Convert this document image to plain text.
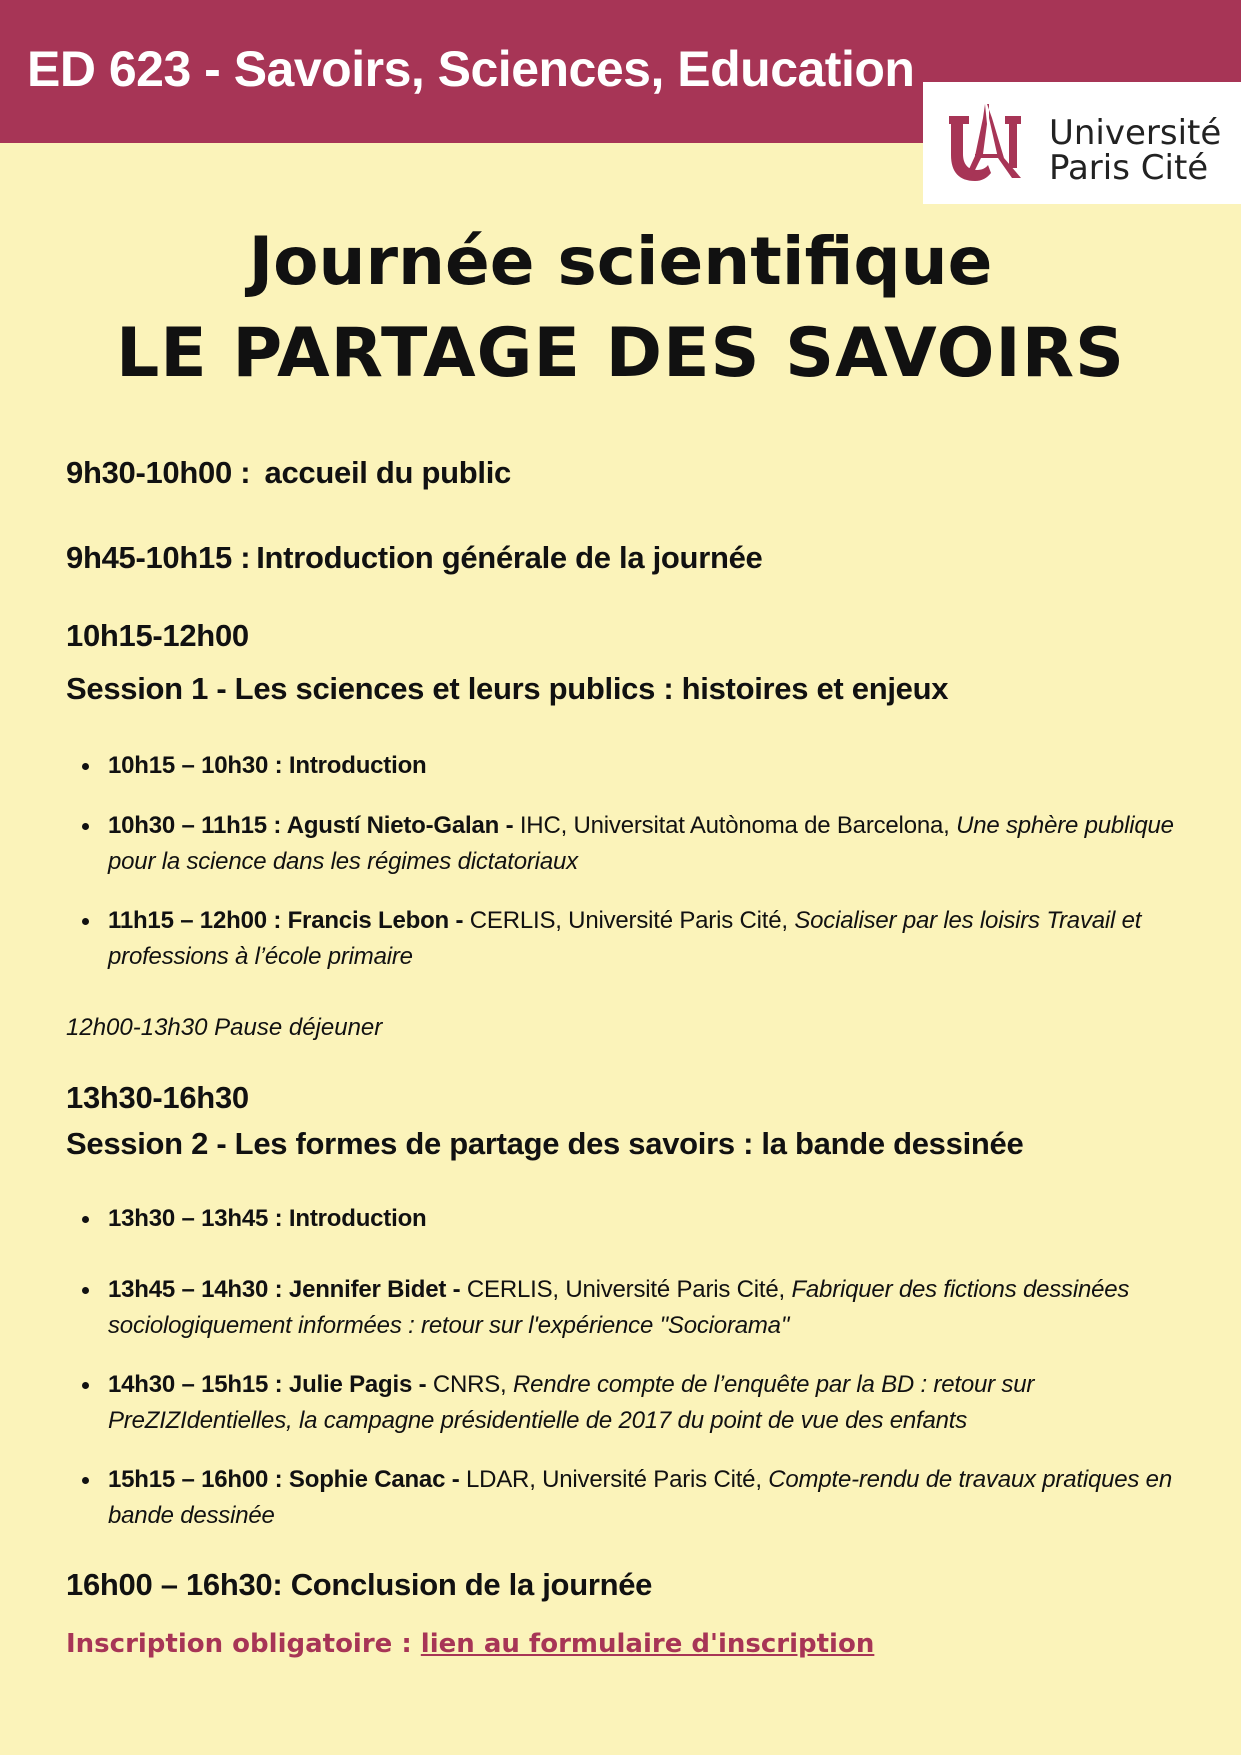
ED 623 - Savoirs, Sciences, Education
Université
Paris Cité
Journée scientifique
LE PARTAGE DES SAVOIRS
9h30-10h00 : accueil du public
9h45-10h15 : Introduction générale de la journée
10h15-12h00
Session 1 - Les sciences et leurs publics : histoires et enjeux
10h15 – 10h30 : Introduction
10h30 – 11h15 : Agustí Nieto-Galan - IHC, Universitat Autònoma de Barcelona, Une sphère publique pour la science dans les régimes dictatoriaux
11h15 – 12h00 : Francis Lebon - CERLIS, Université Paris Cité, Socialiser par les loisirs Travail et professions à l’école primaire
12h00-13h30 Pause déjeuner
13h30-16h30
Session 2 - Les formes de partage des savoirs : la bande dessinée
13h30 – 13h45 : Introduction
13h45 – 14h30 : Jennifer Bidet - CERLIS, Université Paris Cité, Fabriquer des fictions dessinées sociologiquement informées : retour sur l'expérience "Sociorama"
14h30 – 15h15 : Julie Pagis - CNRS, Rendre compte de l’enquête par la BD : retour sur PreZIZIdentielles, la campagne présidentielle de 2017 du point de vue des enfants
15h15 – 16h00 : Sophie Canac - LDAR, Université Paris Cité, Compte-rendu de travaux pratiques en bande dessinée
16h00 – 16h30: Conclusion de la journée
Inscription obligatoire : lien au formulaire d'inscription
